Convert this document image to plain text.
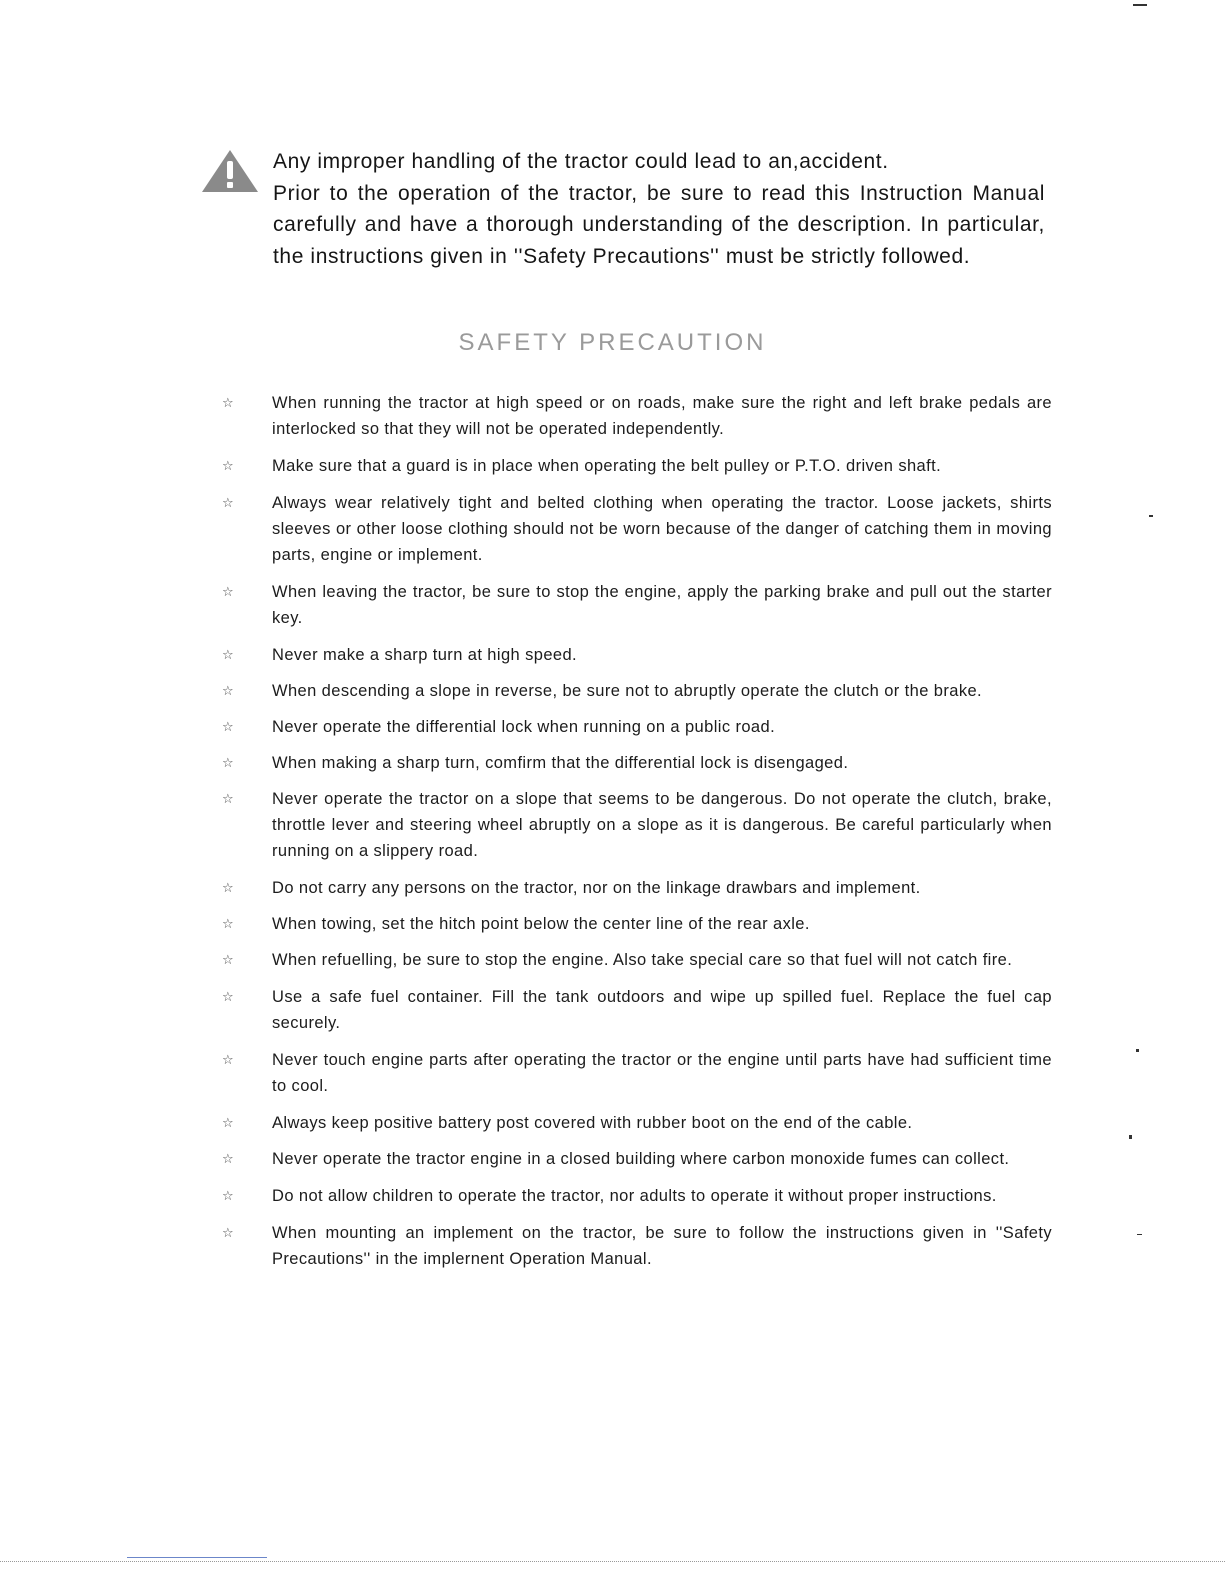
Any improper handling of the tractor could lead to an,accident.

Prior to the operation of the tractor, be sure to read this Instruction Manual carefully and have a thorough understanding of the description. In particular, the instructions given in ''Safety Precautions'' must be strictly followed.

SAFETY PRECAUTION
☆ When running the tractor at high speed or on roads, make sure the right and left brake pedals are interlocked so that they will not be operated independently.
☆ Make sure that a guard is in place when operating the belt pulley or P.T.O. driven shaft.
☆ Always wear relatively tight and belted clothing when operating the tractor. Loose jackets, shirts sleeves or other loose clothing should not be worn because of the danger of catching them in moving parts, engine or implement.
☆ When leaving the tractor, be sure to stop the engine, apply the parking brake and pull out the starter key.
☆ Never make a sharp turn at high speed.
☆ When descending a slope in reverse, be sure not to abruptly operate the clutch or the brake.
☆ Never operate the differential lock when running on a public road.
☆ When making a sharp turn, comfirm that the differential lock is disengaged.
☆ Never operate the tractor on a slope that seems to be dangerous. Do not operate the clutch, brake, throttle lever and steering wheel abruptly on a slope as it is dangerous. Be careful particularly when running on a slippery road.
☆ Do not carry any persons on the tractor, nor on the linkage drawbars and implement.
☆ When towing, set the hitch point below the center line of the rear axle.
☆ When refuelling, be sure to stop the engine. Also take special care so that fuel will not catch fire.
☆ Use a safe fuel container. Fill the tank outdoors and wipe up spilled fuel. Replace the fuel cap securely.
☆ Never touch engine parts after operating the tractor or the engine until parts have had sufficient time to cool.
☆ Always keep positive battery post covered with rubber boot on the end of the cable.
☆ Never operate the tractor engine in a closed building where carbon monoxide fumes can collect.
☆ Do not allow children to operate the tractor, nor adults to operate it without proper instructions.
☆ When mounting an implement on the tractor, be sure to follow the instructions given in ''Safety Precautions'' in the implernent Operation Manual.
